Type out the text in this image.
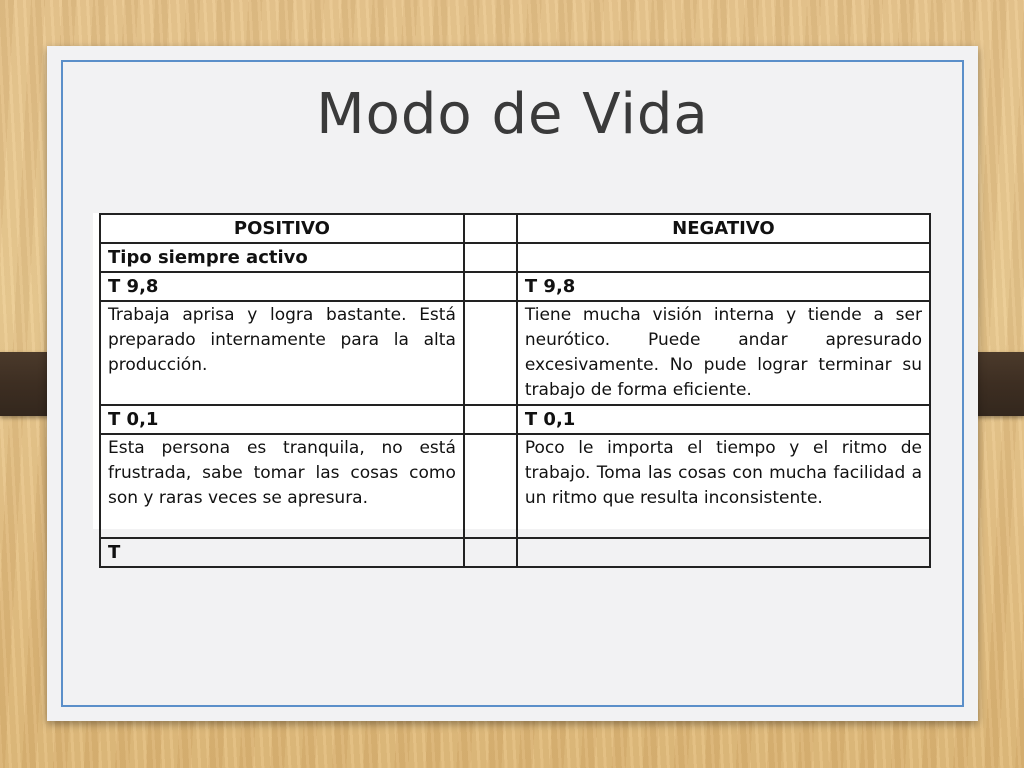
Modo de Vida
POSITIVO		NEGATIVO
Tipo siempre activo		
T 9,8		T 9,8
Trabaja aprisa y logra bastante. Está preparado internamente para la alta producción.		Tiene mucha visión interna y tiende a ser neurótico. Puede andar apresurado excesivamente. No pude lograr terminar su trabajo de forma eficiente.
T 0,1		T 0,1
Esta persona es tranquila, no está frustrada, sabe tomar las cosas como son y raras veces se apresura.		Poco le importa el tiempo y el ritmo de trabajo. Toma las cosas con mucha facilidad a un ritmo que resulta inconsistente.
T		
